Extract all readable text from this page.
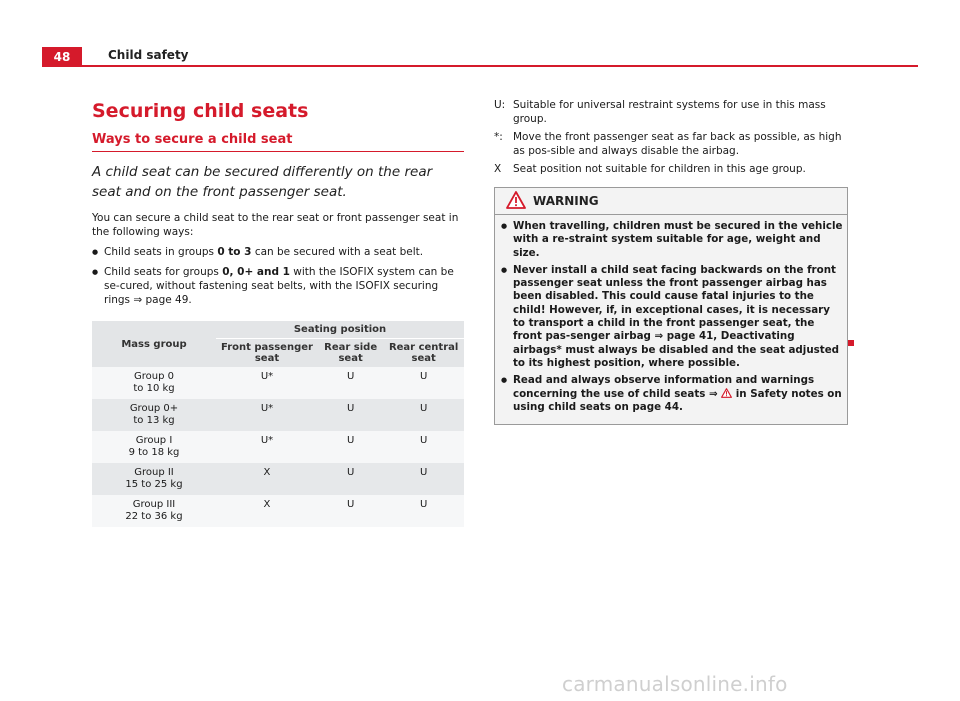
48	Child safety
Securing child seats
Ways to secure a child seat

A child seat can be secured differently on the rear seat and on the front passenger seat.

You can secure a child seat to the rear seat or front passenger seat in the following ways:

● Child seats in groups 0 to 3 can be secured with a seat belt.
● Child seats for groups 0, 0+ and 1 with the ISOFIX system can be se-cured, without fastening seat belts, with the ISOFIX securing rings ⇒ page 49.
Mass group	Seating position		
	Front passenger seat	Rear side seat	Rear central seat
Group 0
to 10 kg	U*	U	U
Group 0+
to 13 kg	U*	U	U
Group I
9 to 18 kg	U*	U	U
Group II
15 to 25 kg	X	U	U
Group III
22 to 36 kg	X	U	U
U: Suitable for universal restraint systems for use in this mass group.
*: Move the front passenger seat as far back as possible, as high as pos-sible and always disable the airbag.
X	Seat position not suitable for children in this age group.
WARNING
● When travelling, children must be secured in the vehicle with a re-straint system suitable for age, weight and size.
● Never install a child seat facing backwards on the front passenger seat unless the front passenger airbag has been disabled. This could cause fatal injuries to the child! However, if, in exceptional cases, it is necessary to transport a child in the front passenger seat, the front pas-senger airbag ⇒ page 41, Deactivating airbags* must always be disabled and the seat adjusted to its highest position, where possible.
● Read and always observe information and warnings concerning the use of child seats ⇒ in Safety notes on using child seats on page 44.
carmanualsonline.info
